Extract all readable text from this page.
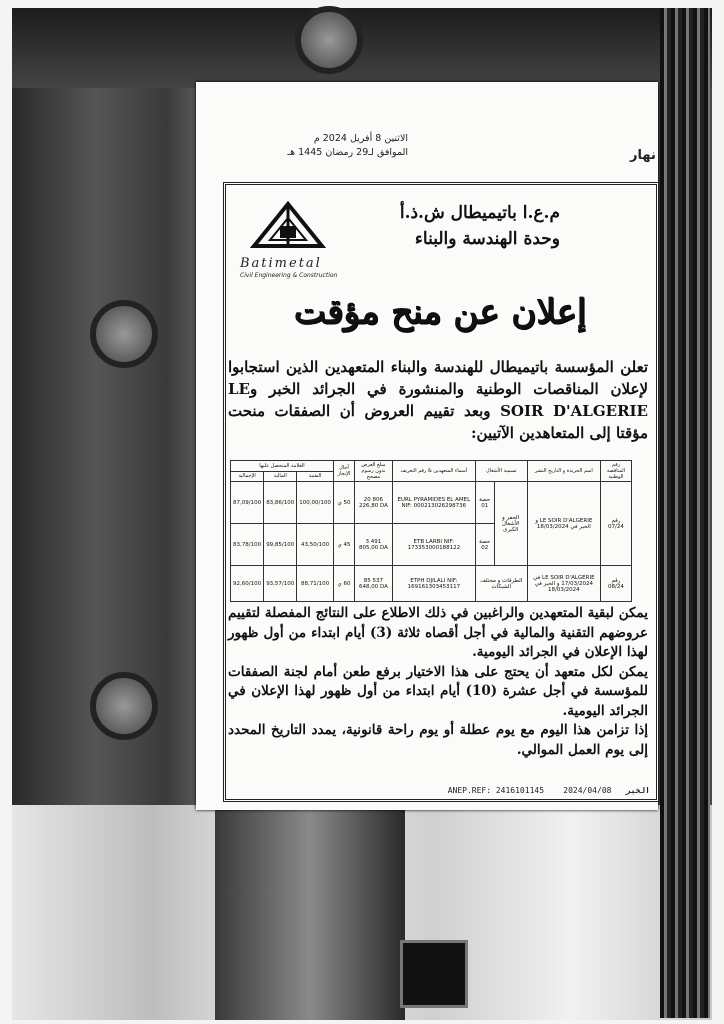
نهار
الاثنين 8 أفريل 2024 م
الموافق لـ29 رمضان 1445 هـ
Batimetal
Civil Engineering & Construction
م.ع.ا باتيميطال ش.ذ.أ
وحدة الهندسة والبناء
إعلان عن منح مؤقت
تعلن المؤسسة باتيميطال للهندسة والبناء المتعهدين الذين استجابوا لإعلان المناقصات الوطنية والمنشورة في الجرائد الخبر وLE SOIR D'ALGERIE وبعد تقييم العروض أن الصفقات منحت مؤقتا إلى المتعاهدين الآتيين:
رقم المناقصة الوطنية	اسم الجريدة و التاريخ النشر	تسمية الأشغال		أسماء المتعهدين & رقم التعريف	مبلغ العرض بدون رسوم مصحح	آجال الإنجاز	العلامة المتحصل عليها		
							التقنية	المالية	الإجمالية
رقم 07/24	LE SOIR D'ALGERIE و الخبر في 18/03/2024	الحفر و الأشغال الكبرى	حصة 01	EURL PYRAMIDES EL AMEL NIF: 000213026298736	20 806 226,80 DA	50 ي	100,00/100	83,86/100	87,09/100
			حصة 02	ETB LARBI NIF: 173353000188122	3 491 805,00 DA	45 ي	43,50/100	99,85/100	83,78/100
رقم 08/24	LE SOIR D'ALGERIE في 17/03/2024 و الخبر في 18/03/2024	الطرقات و مختلف الشبكات		ETPH DJILALI NIF: 169161303453117	85 537 648,00 DA	60 ي	88,71/100	93,57/100	92,60/100

يمكن لبقية المتعهدين والراغبين في ذلك الاطلاع على النتائج المفصلة لتقييم عروضهم التقنية والمالية في أجل أقصاه ثلاثة (3) أيام ابتداء من أول ظهور لهذا الإعلان في الجرائد اليومية.

يمكن لكل متعهد أن يحتج على هذا الاختيار برفع طعن أمام لجنة الصفقات للمؤسسة في أجل عشرة (10) أيام ابتداء من أول ظهور لهذا الإعلان في الجرائد اليومية.

إذا تزامن هذا اليوم مع يوم عطلة أو يوم راحة قانونية، يمدد التاريخ المحدد إلى يوم العمل الموالي.

ANEP.REF: 2416101145 2024/04/08 الخبر
